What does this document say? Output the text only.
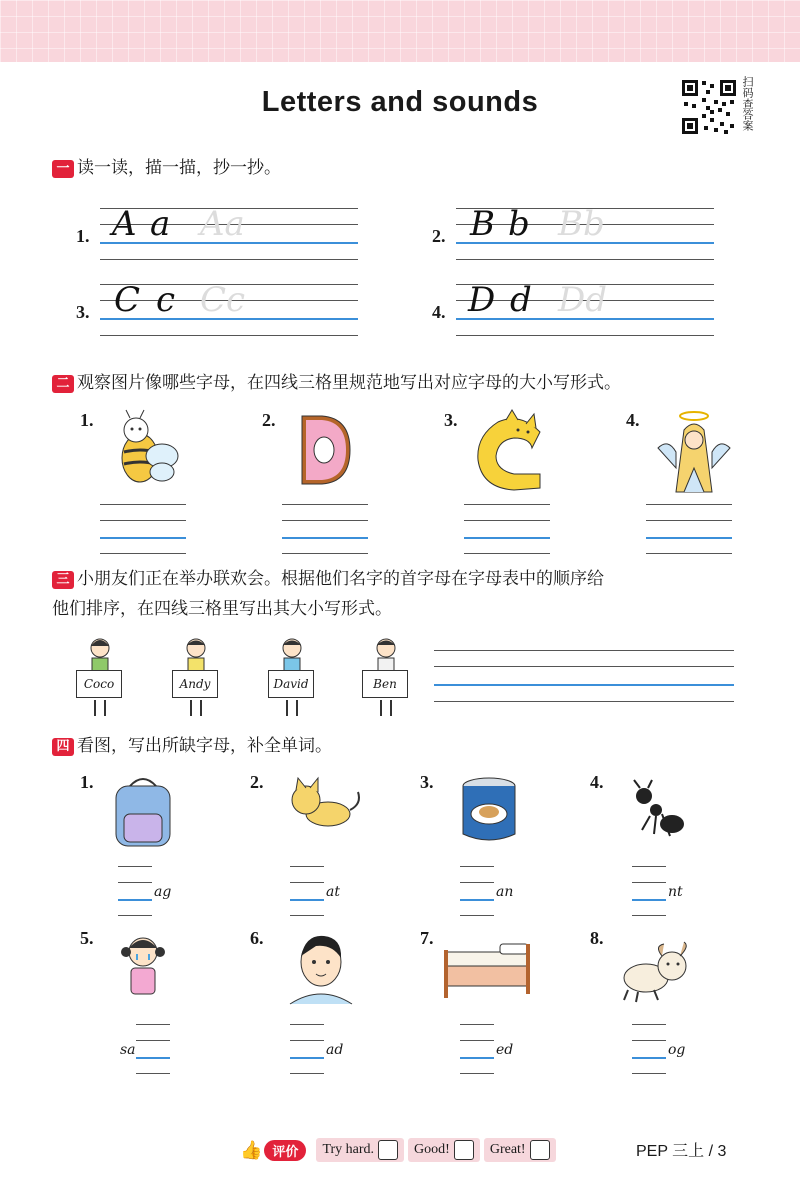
Letters and sounds	扫码查答案
一 读一读，描一描，抄一抄。
1. A a Aa	2. B b Bb
3. C c Cc	4. D d Dd
二 观察图片像哪些字母，在四线三格里规范地写出对应字母的大小写形式。
1.	2.	3.	4.
三 小朋友们正在举办联欢会。根据他们名字的首字母在字母表中的顺序给
他们排序，在四线三格里写出其大小写形式。
Coco	Andy	David	Ben
四 看图，写出所缺字母，补全单词。
1.	2.	3.	4.
ag	at	an	nt
5.	6.	7.	8.
sa	ad	ed	og
👍 评价	Try hard.	Good!	Great!	PEP 三上 / 3
